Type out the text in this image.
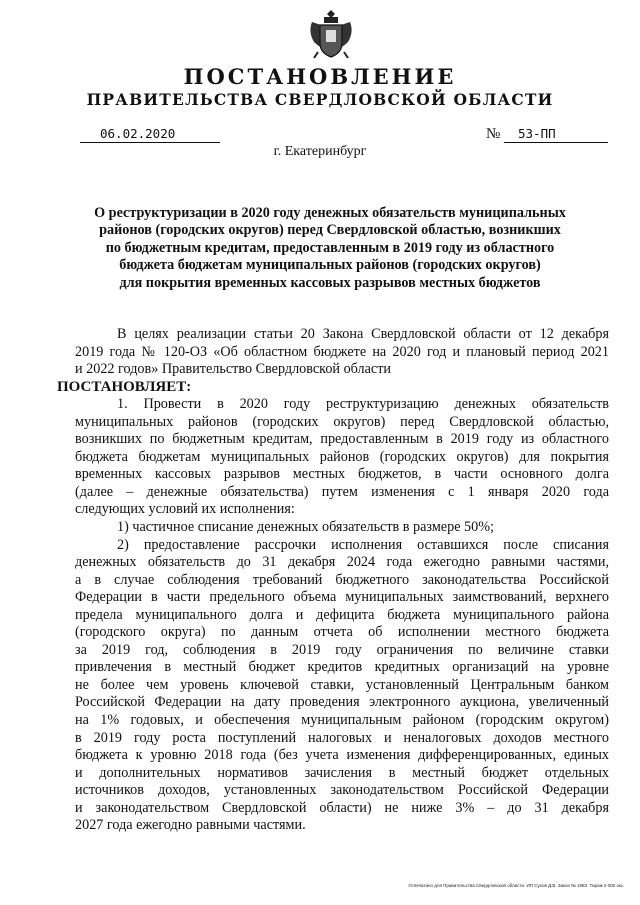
ПОСТАНОВЛЕНИЕ
ПРАВИТЕЛЬСТВА СВЕРДЛОВСКОЙ ОБЛАСТИ
06.02.2020	№ 53-ПП
г. Екатеринбург
О реструктуризации в 2020 году денежных обязательств муниципальных
районов (городских округов) перед Свердловской областью, возникших
по бюджетным кредитам, предоставленным в 2019 году из областного
бюджета бюджетам муниципальных районов (городских округов)
для покрытия временных кассовых разрывов местных бюджетов
В целях реализации статьи 20 Закона Свердловской области от 12 декабря
2019 года № 120-ОЗ «Об областном бюджете на 2020 год и плановый период 2021
и 2022 годов» Правительство Свердловской области
ПОСТАНОВЛЯЕТ:
1. Провести в 2020 году реструктуризацию денежных обязательств
муниципальных районов (городских округов) перед Свердловской областью,
возникших по бюджетным кредитам, предоставленным в 2019 году из областного
бюджета бюджетам муниципальных районов (городских округов) для покрытия
временных кассовых разрывов местных бюджетов, в части основного долга
(далее – денежные обязательства) путем изменения с 1 января 2020 года
следующих условий их исполнения:
1) частичное списание денежных обязательств в размере 50%;
2) предоставление рассрочки исполнения оставшихся после списания
денежных обязательств до 31 декабря 2024 года ежегодно равными частями,
а в случае соблюдения требований бюджетного законодательства Российской
Федерации в части предельного объема муниципальных заимствований, верхнего
предела муниципального долга и дефицита бюджета муниципального района
(городского округа) по данным отчета об исполнении местного бюджета
за 2019 год, соблюдения в 2019 году ограничения по величине ставки
привлечения в местный бюджет кредитов кредитных организаций на уровне
не более чем уровень ключевой ставки, установленный Центральным банком
Российской Федерации на дату проведения электронного аукциона, увеличенный
на 1% годовых, и обеспечения муниципальным районом (городским округом)
в 2019 году роста поступлений налоговых и неналоговых доходов местного
бюджета к уровню 2018 года (без учета изменения дифференцированных, единых
и дополнительных нормативов зачисления в местный бюджет отдельных
источников доходов, установленных законодательством Российской Федерации
и законодательством Свердловской области) не ниже 3% – до 31 декабря
2027 года ежегодно равными частями.
Отпечатано для Правительства Свердловской области. ИП Сухов Д.В. Заказ № 1983. Тираж 2 000 экз.
